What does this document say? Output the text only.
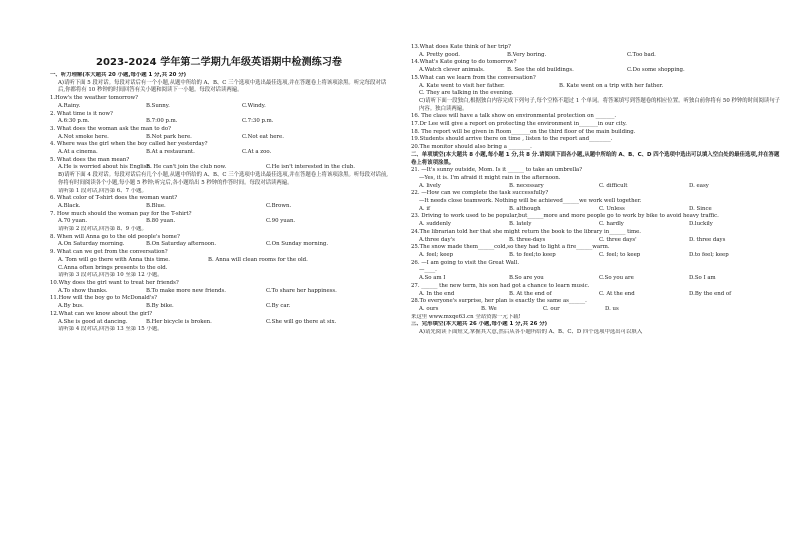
2023-2024 学年第二学期九年级英语期中检测练习卷
一、听力理解(本大题共 20 小题,每小题 1 分,共 20 分)
A)请听下面 5 段对话。每段对话后有一个小题,从题中所给的 A、B、C 三个选项中选出最佳选项,并在答题卷上将该项涂黑。听完每段对话后,你都将有 10 秒钟的时间回答有关小题和阅读下一小题。每段对话读两遍。
1.How's the weather tomorrow?
A.Rainy.	B.Sunny.	C.Windy.
2. What time is it now?
A.6:30 p.m.	B.7:00 p.m.	C.7:30 p.m.
3. What does the woman ask the man to do?
A.Not smoke here.	B.Not park here.	C.Not eat here.
4. Where was the girl when the boy called her yesterday?
A.At a cinema.	B.At a restaurant.	C.At a zoo.
5. What does the man mean?
A.He is worried about his English.
B. He can't join the club now.	C.He isn't interested in the club.
B)请听下面 4 段对话。每段对话后有几个小题,从题中所给的 A、B、C 三个选项中选出最佳选项,并在答题卷上将该项涂黑。听每段对话前,你将有时间阅读各个小题,每小题 5 秒钟;听完后,各小题给出 5 秒钟的作答时间。每段对话读两遍。
请听第 1 段对话,回答第 6、7 小题。
6. What color of T-shirt does the woman want?
A.Black.	B.Blue.	C.Brown.
7. How much should the woman pay for the T-shirt?
A.70 yuan.	B.80 yuan.	C.90 yuan.
请听第 2 段对话,回答第 8、9 小题。
8. When will Anna go to the old people's home?
A.On Saturday morning.	B.On Saturday afternoon.	C.On Sunday morning.
9. What can we get from the conversation?
A. Tom will go there with Anna this time.	B. Anna will clean rooms for the old.
C.Anna often brings presents to the old.
请听第 3 段对话,回答第 10 至第 12 小题。
10.Why does the girl want to treat her friends?
A.To show thanks.	B.To make more new friends.	C.To share her happiness.
11.How will the boy go to McDonald's?
A.By bus.	B.By bike.	C.By car.
12.What can we know about the girl?
A.She is good at dancing.	B.Her bicycle is broken.	C.She will go there at six.
请听第 4 段对话,回答第 13 至第 15 小题。
13.What does Kate think of her trip?
A. Pretty good.	B.Very boring.	C.Too bad.
14.What's Kate going to do tomorrow?
A.Watch clever animals.	B. See the old buildings.	C.Do some shopping.
15.What can we learn from the conversation?
A. Kate went to visit her father.	B. Kate went on a trip with her father.
C. They are talking in the evening.
C)请听下面一段独白,根据独白内容完成下列句子,每个空格不超过 1 个单词。将答案填写到答题卷的相应位置。听独白前你将有 50 秒钟的时间阅读句子内容。独白读两遍。
16. The class will have a talk show on environmental protection on _______.
17.Dr Lee will give a report on protecting the environment in_______in our city.
18. The report will be given in Room_______on the third floor of the main building.
19.Students should arrive there on time , listen to the report and________.
20.The monitor should also bring a ________.
二、单项填空(本大题共 8 小题,每小题 1 分,共 8 分.请阅读下面各小题,从题中所给的 A、B、C、D 四个选项中选出可以填入空白处的最佳选项,并在答题卷上将该项涂黑。
21. —It's sunny outside, Mom. Is it ______ to take an umbrella?
—Yes, it is. I'm afraid it might rain in the afternoon.
A. lively	B. necessary	C. difficult	D. easy
22. —How can we complete the task successfully?
—It needs close teamwork. Nothing will be achieved______we work well together.
A. if	B. although	C. Unless	D. Since
23. Driving to work used to be popular,but______more and more people go to work by bike to avoid heavy traffic.
A. suddenly	B. lately	C. hardly	D.luckily
24.The librarian told her that she might return the book to the library in______ time.
A.three day's	B. three-days	C. three days'	D. three days
25.The snow made them______cold,so they had to light a fire______warm.
A. feel; keep	B. to feel;to keep	C. feel; to keep	D.to feel; keep
26. —I am going to visit the Great Wall.
—____.
A.So am I	B.So are you	C.So you are	D.So I am
27. ______ the new term, his son had got a chance to learn music.
A. In the end	B. At the end of	C. At the end	D.By the end of
28.To everyone's surprise, her plan is exactly the same as______.
A. ours	B. We	C. our	D. us
来这里 www.mxqe63.cn 全站资源一元下载!
三、完形填空(本大题共 26 小题,每小题 1 分,共 26 分)
A)请先阅读下面短文,掌握其大意,然后从各小题所给的 A、B、C、D 四个选项中选出可以填入
